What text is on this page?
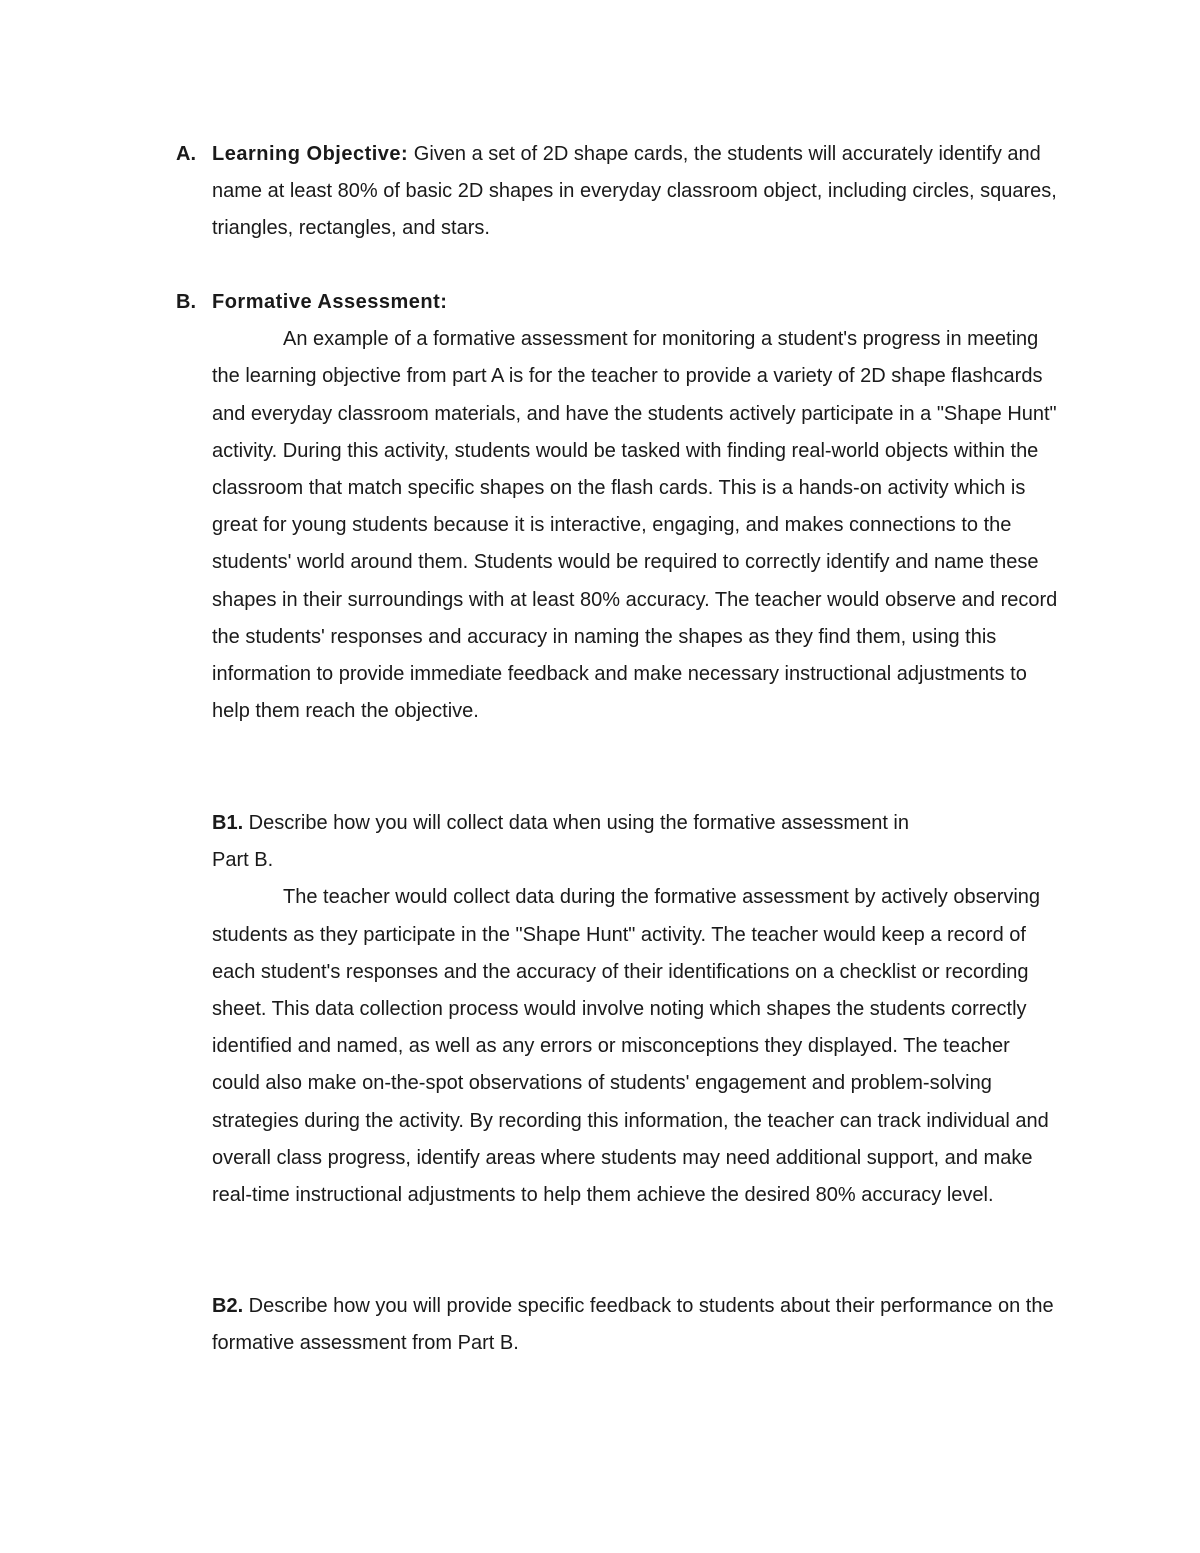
A. Learning Objective: Given a set of 2D shape cards, the students will accurately identify and name at least 80% of basic 2D shapes in everyday classroom object, including circles, squares, triangles, rectangles, and stars.

B. Formative Assessment:

An example of a formative assessment for monitoring a student's progress in meeting the learning objective from part A is for the teacher to provide a variety of 2D shape flashcards and everyday classroom materials, and have the students actively participate in a "Shape Hunt" activity. During this activity, students would be tasked with finding real-world objects within the classroom that match specific shapes on the flash cards. This is a hands-on activity which is great for young students because it is interactive, engaging, and makes connections to the students' world around them. Students would be required to correctly identify and name these shapes in their surroundings with at least 80% accuracy. The teacher would observe and record the students' responses and accuracy in naming the shapes as they find them, using this information to provide immediate feedback and make necessary instructional adjustments to help them reach the objective.

B1. Describe how you will collect data when using the formative assessment in

Part B.

The teacher would collect data during the formative assessment by actively observing students as they participate in the "Shape Hunt" activity. The teacher would keep a record of each student's responses and the accuracy of their identifications on a checklist or recording sheet. This data collection process would involve noting which shapes the students correctly identified and named, as well as any errors or misconceptions they displayed. The teacher could also make on-the-spot observations of students' engagement and problem-solving strategies during the activity. By recording this information, the teacher can track individual and overall class progress, identify areas where students may need additional support, and make real-time instructional adjustments to help them achieve the desired 80% accuracy level.

B2. Describe how you will provide specific feedback to students about their performance on the formative assessment from Part B.
